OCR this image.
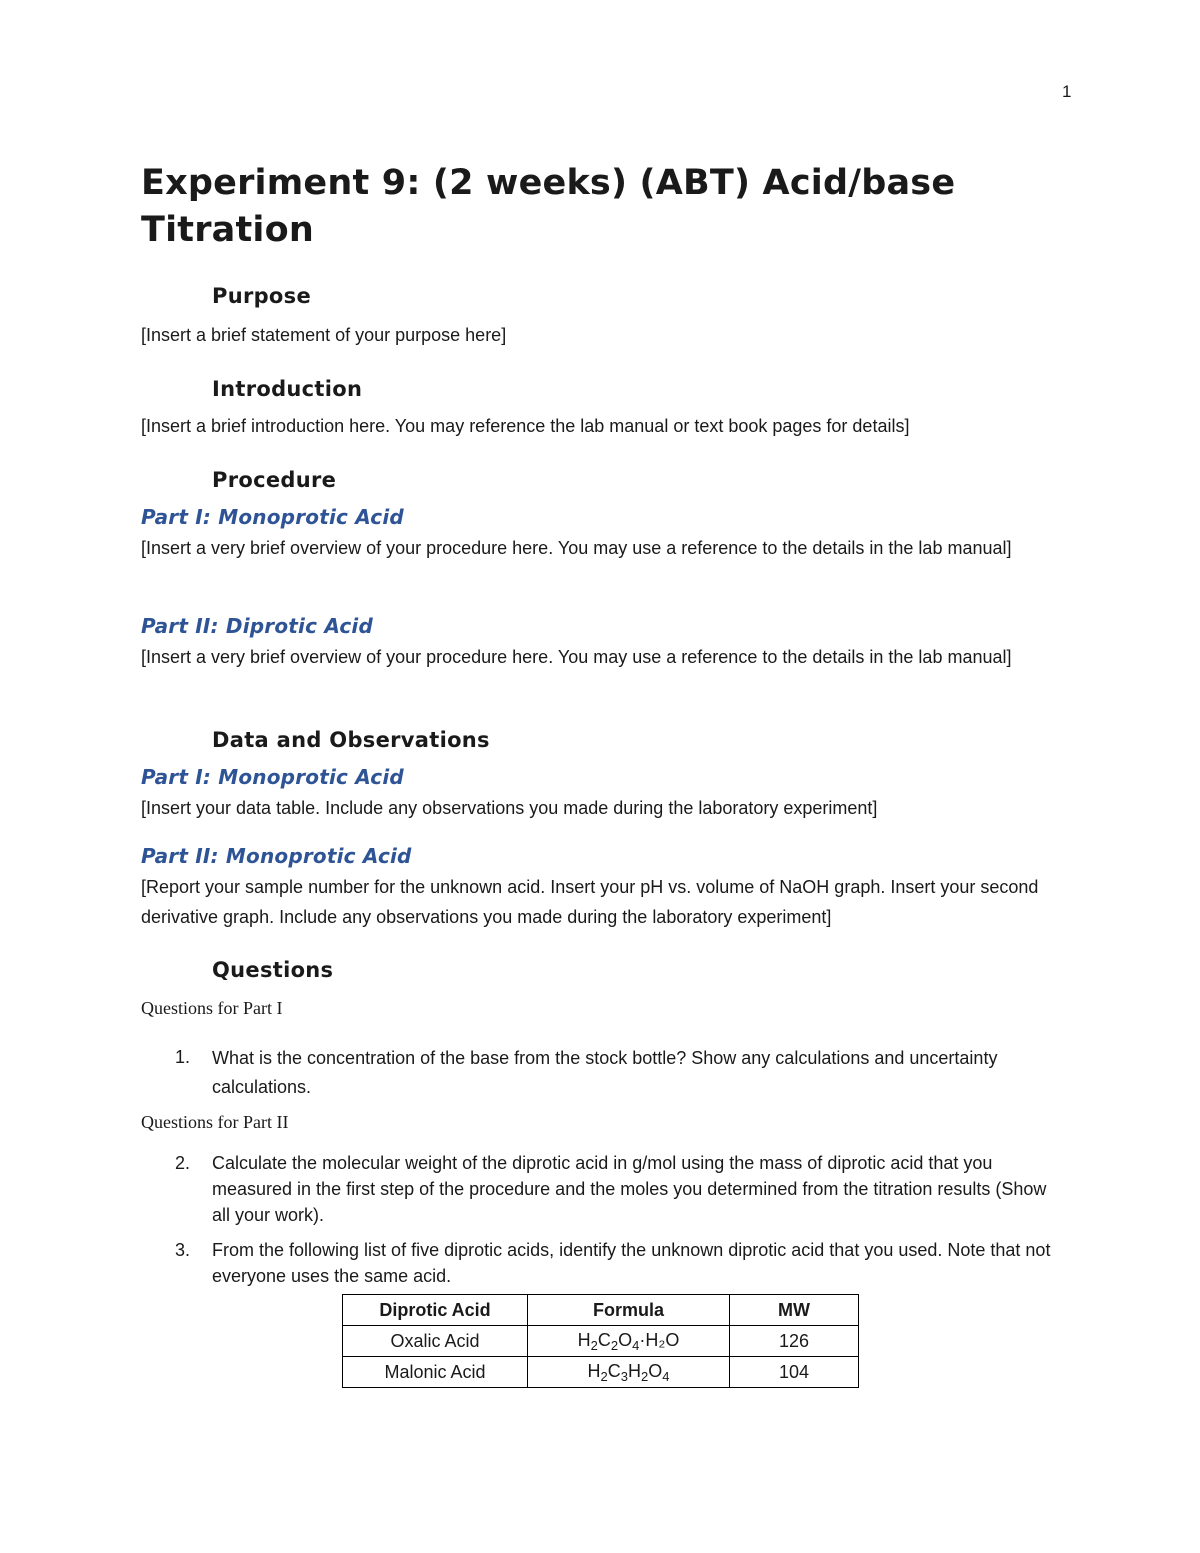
1
Experiment 9: (2 weeks) (ABT) Acid/base Titration
Purpose

[Insert a brief statement of your purpose here]

Introduction

[Insert a brief introduction here. You may reference the lab manual or text book pages for details]

Procedure
Part I: Monoprotic Acid

[Insert a very brief overview of your procedure here. You may use a reference to the details in the lab manual]

Part II: Diprotic Acid

[Insert a very brief overview of your procedure here. You may use a reference to the details in the lab manual]

Data and Observations
Part I: Monoprotic Acid

[Insert your data table. Include any observations you made during the laboratory experiment]

Part II: Monoprotic Acid

[Report your sample number for the unknown acid. Insert your pH vs. volume of NaOH graph. Insert your second derivative graph. Include any observations you made during the laboratory experiment]

Questions

Questions for Part I

1. What is the concentration of the base from the stock bottle? Show any calculations and uncertainty calculations.

Questions for Part II

2. Calculate the molecular weight of the diprotic acid in g/mol using the mass of diprotic acid that you measured in the first step of the procedure and the moles you determined from the titration results (Show all your work).
3. From the following list of five diprotic acids, identify the unknown diprotic acid that you used. Note that not everyone uses the same acid.
Diprotic Acid	Formula	MW
Oxalic Acid	$H_2C_2O_4\cdot H_2O$	126
Malonic Acid	$H_2C_3H_2O_4$	104
